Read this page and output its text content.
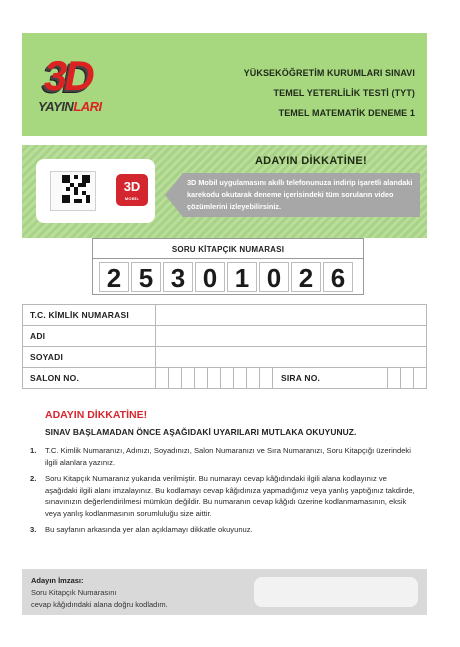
3D
YAYINLARI
YÜKSEKÖĞRETİM KURUMLARI SINAVI
TEMEL YETERLİLİK TESTİ (TYT)
TEMEL MATEMATİK DENEME 1
3D
MOBİL
ADAYIN DİKKATİNE!
3D Mobil uygulamasını akıllı telefonunuza indirip işaretli alandaki karekodu okutarak deneme içerisindeki tüm soruların video çözümlerini izleyebilirsiniz.
SORU KİTAPÇIK NUMARASI
2 5 3 0 1 0 2 6
T.C. KİMLİK NUMARASI													
ADI													
SOYADI													
SALON NO.										SIRA NO.			
ADAYIN DİKKATİNE!
SINAV BAŞLAMADAN ÖNCE AŞAĞIDAKİ UYARILARI MUTLAKA OKUYUNUZ.
1.	T.C. Kimlik Numaranızı, Adınızı, Soyadınızı, Salon Numaranızı ve Sıra Numaranızı, Soru Kitapçığı üzerindeki ilgili alanlara yazınız.
2.	Soru Kitapçık Numaranız yukarıda verilmiştir. Bu numarayı cevap kâğıdındaki ilgili alana kodlayınız ve aşağıdaki ilgili alanı imzalayınız. Bu kodlamayı cevap kâğıdınıza yapmadığınız veya yanlış yaptığınız takdirde, sınavınızın değerlendirilmesi mümkün değildir. Bu numaranın cevap kâğıdı üzerine kodlanmamasının, eksik veya yanlış kodlanmasının sorumluluğu size aittir.
3.	Bu sayfanın arkasında yer alan açıklamayı dikkatle okuyunuz.
Adayın İmzası:
Soru Kitapçık Numarasını
cevap kâğıdındaki alana doğru kodladım.
